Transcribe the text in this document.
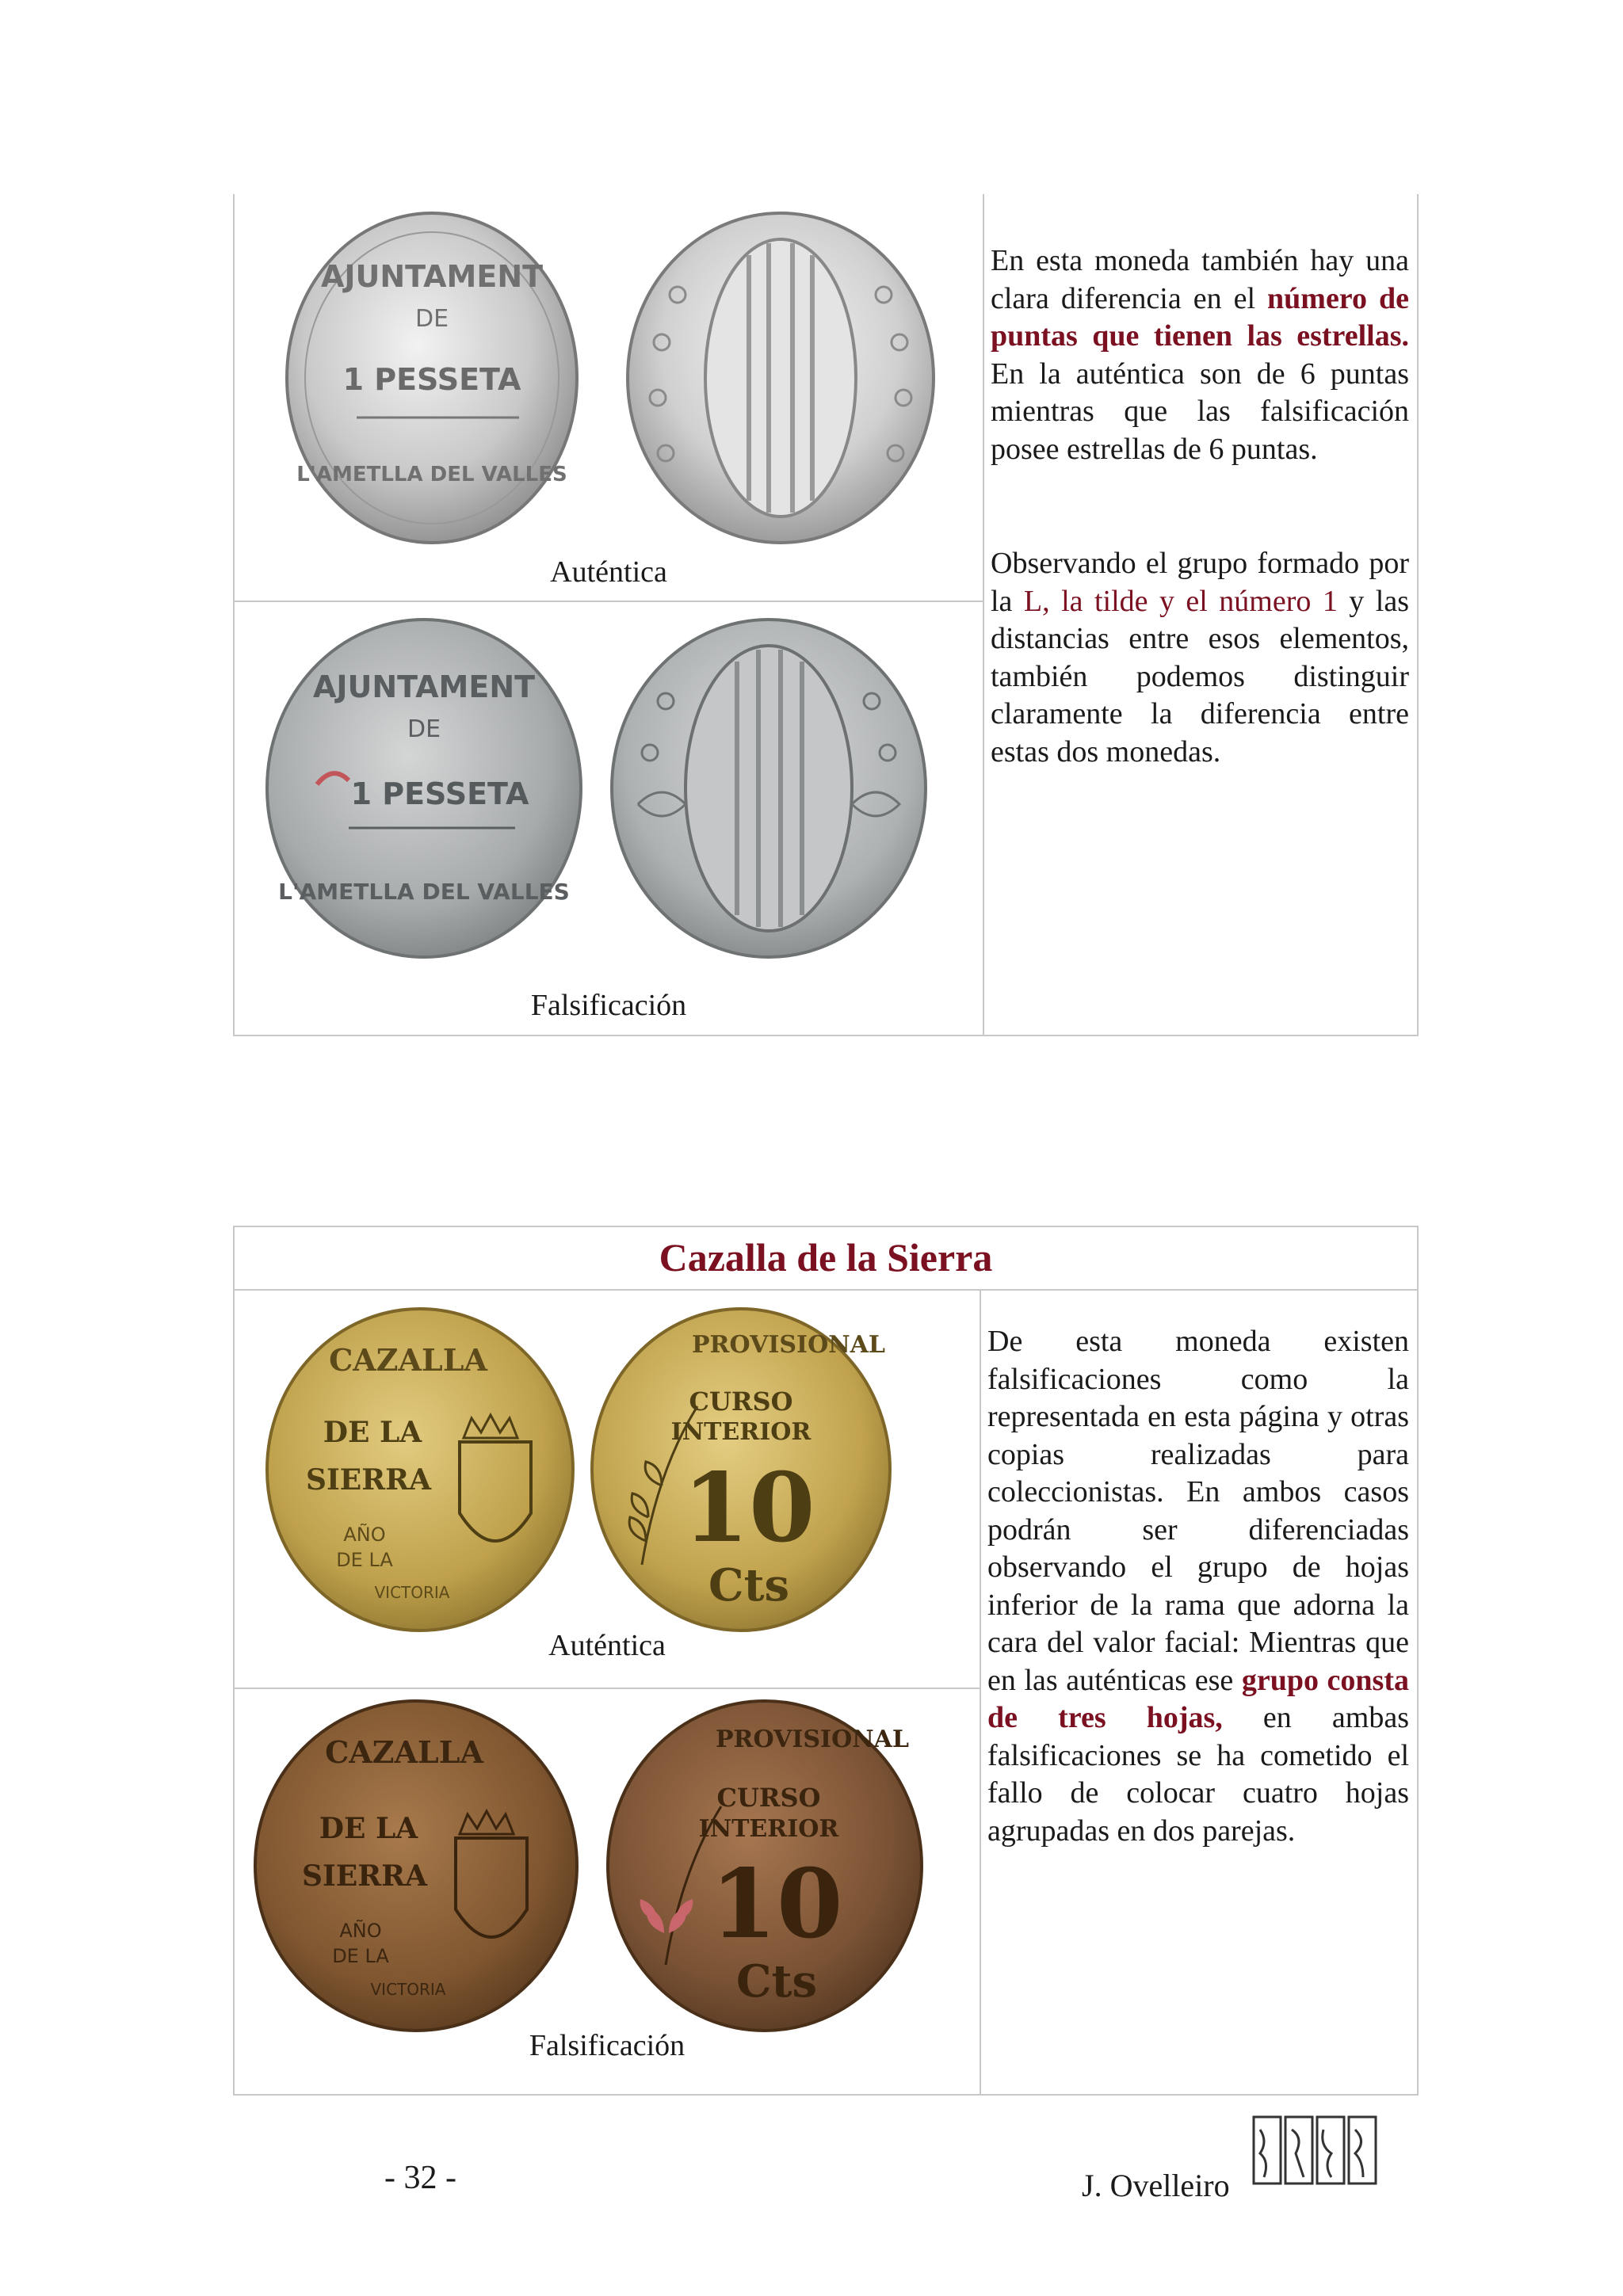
AJUNTAMENT
DE
1 PESSETA
L'AMETLLA DEL VALLES
Auténtica
AJUNTAMENT
DE
1 PESSETA
L'AMETLLA DEL VALLES
Falsificación

En esta moneda también hay una clara diferencia en el número de puntas que tienen las estrellas. En la auténtica son de 6 puntas mientras que las falsificación posee estrellas de 6 puntas.

Observando el grupo formado por la L, la tilde y el número 1 y las distancias entre esos elementos, también podemos distinguir claramente la diferencia entre estas dos monedas.

Cazalla de la Sierra
CAZALLA
DE LA
SIERRA
AÑO
DE LA
VICTORIA
PROVISIONAL
CURSO
INTERIOR
10
Cts
Auténtica
CAZALLA
DE LA
SIERRA
AÑO
DE LA
VICTORIA
PROVISIONAL
CURSO
INTERIOR
10
Cts
Falsificación

De esta moneda existen falsificaciones como la representada en esta página y otras copias realizadas para coleccionistas. En ambos casos podrán ser diferenciadas observando el grupo de hojas inferior de la rama que adorna la cara del valor facial: Mientras que en las auténticas ese grupo consta de tres hojas, en ambas falsificaciones se ha cometido el fallo de colocar cuatro hojas agrupadas en dos parejas.

- 32 -	J. Ovelleiro
